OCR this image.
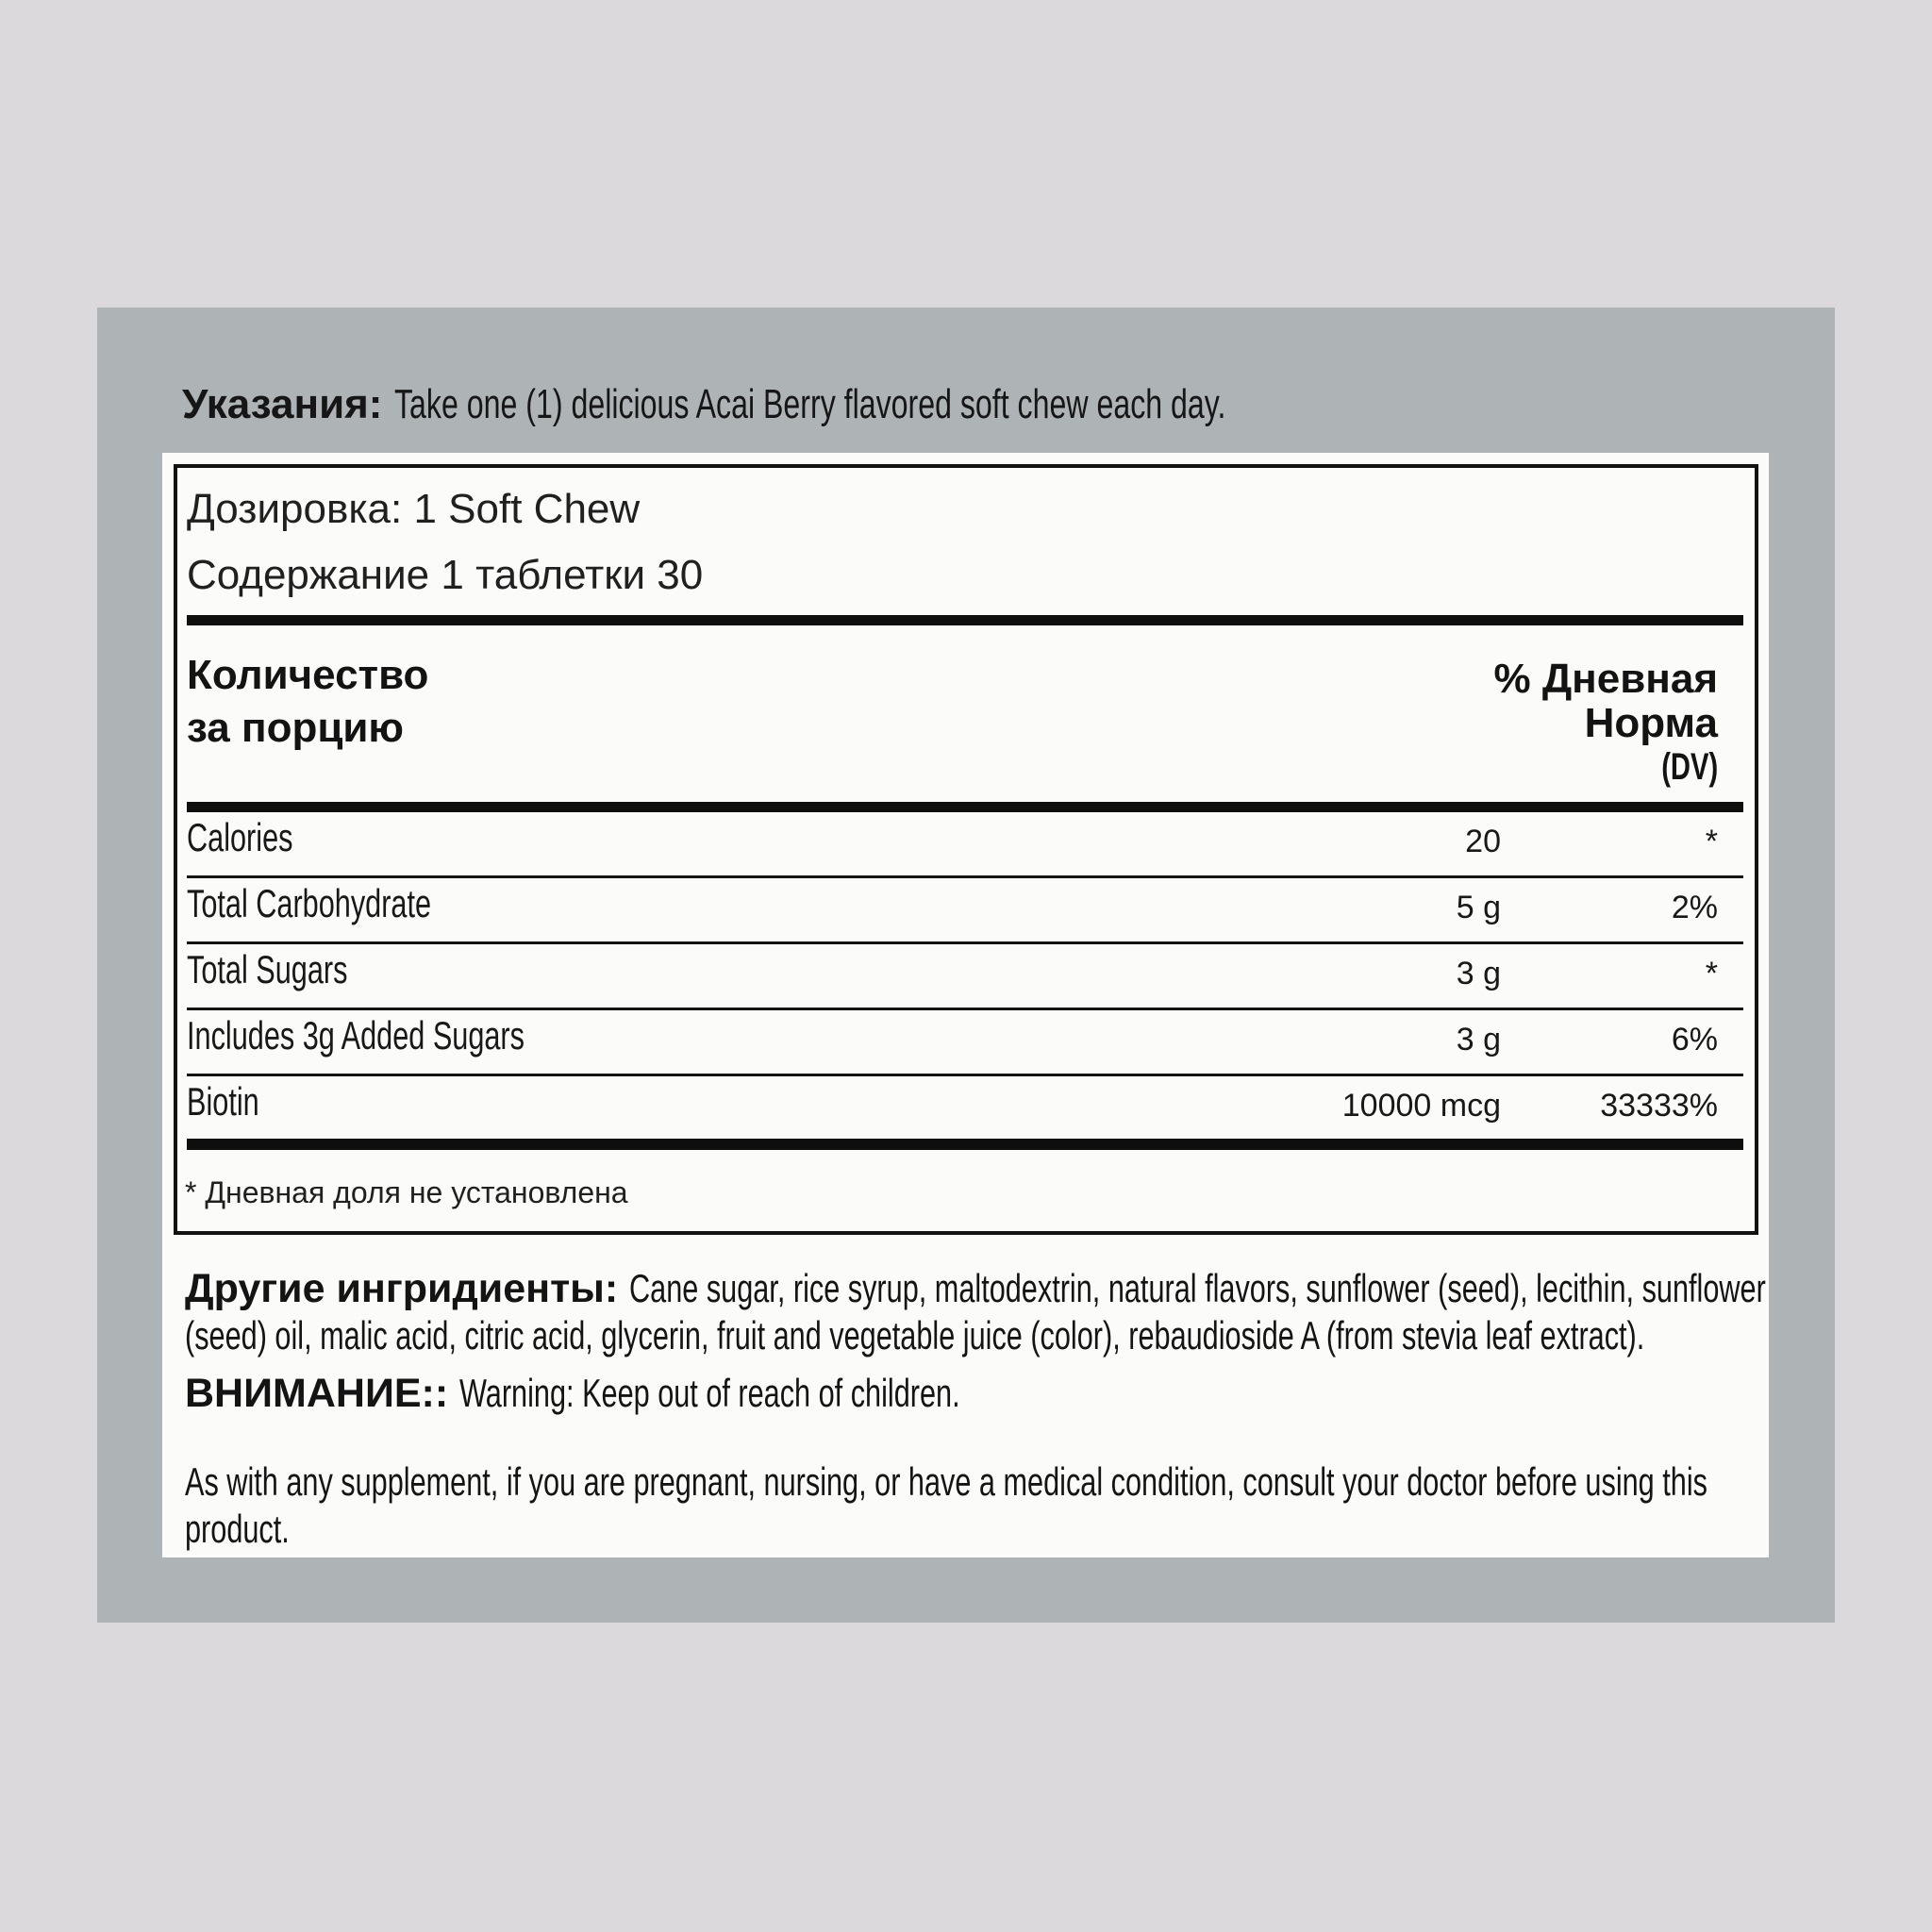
Указания: Take one (1) delicious Acai Berry flavored soft chew each day.
Дозировка: 1 Soft Chew
Содержание 1 таблетки 30
Количество
за порцию
% Дневная
Норма
(DV)
Calories	20	*
Total Carbohydrate	5 g	2%
Total Sugars	3 g	*
Includes 3g Added Sugars	3 g	6%
Biotin	10000 mcg	33333%
* Дневная доля не установлена
Другие ингридиенты: Cane sugar, rice syrup, maltodextrin, natural flavors, sunflower (seed), lecithin, sunflower
(seed) oil, malic acid, citric acid, glycerin, fruit and vegetable juice (color), rebaudioside A (from stevia leaf extract).
ВНИМАНИЕ:: Warning: Keep out of reach of children.
As with any supplement, if you are pregnant, nursing, or have a medical condition, consult your doctor before using this
product.
